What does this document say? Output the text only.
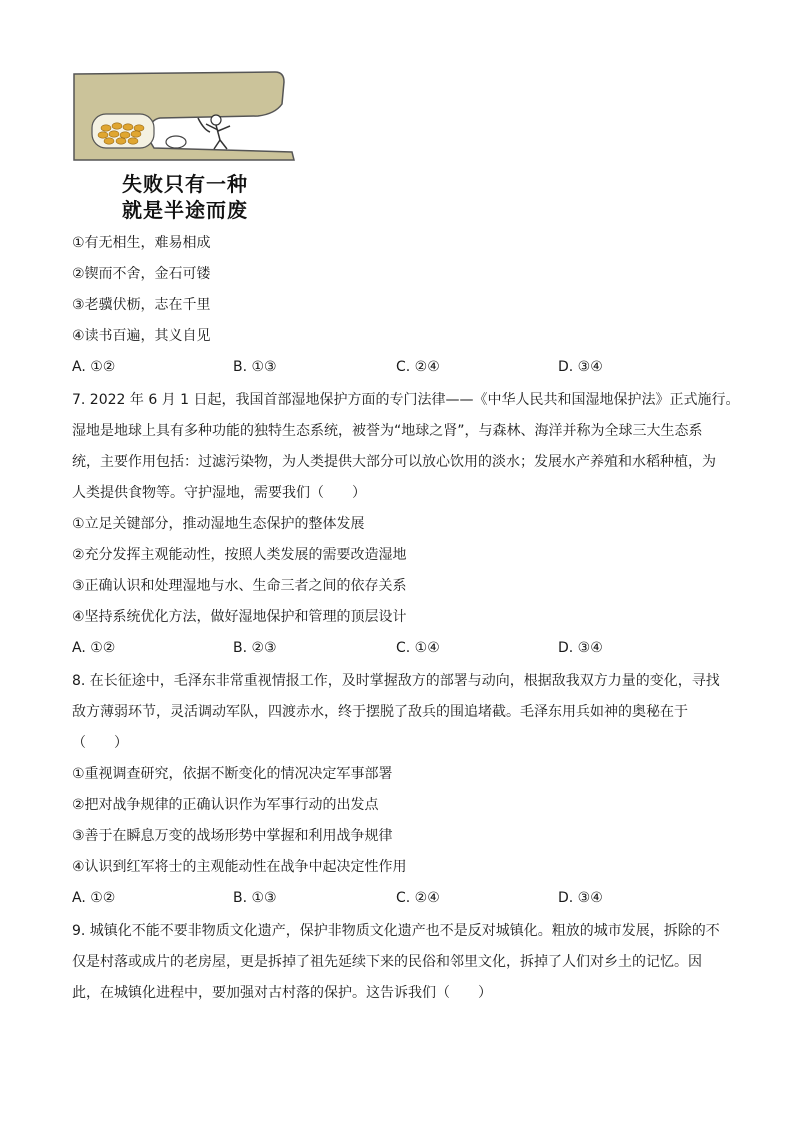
失败只有一种
就是半途而废
①有无相生，难易相成
②锲而不舍，金石可镂
③老骥伏枥，志在千里
④读书百遍，其义自见
A. ①②	B. ①③	C. ②④	D. ③④
7. 2022 年 6 月 1 日起，我国首部湿地保护方面的专门法律——《中华人民共和国湿地保护法》正式施行。
湿地是地球上具有多种功能的独特生态系统，被誉为“地球之肾”，与森林、海洋并称为全球三大生态系
统，主要作用包括：过滤污染物，为人类提供大部分可以放心饮用的淡水；发展水产养殖和水稻种植，为
人类提供食物等。守护湿地，需要我们（　　）
①立足关键部分，推动湿地生态保护的整体发展
②充分发挥主观能动性，按照人类发展的需要改造湿地
③正确认识和处理湿地与水、生命三者之间的依存关系
④坚持系统优化方法，做好湿地保护和管理的顶层设计
A. ①②	B. ②③	C. ①④	D. ③④
8. 在长征途中，毛泽东非常重视情报工作，及时掌握敌方的部署与动向，根据敌我双方力量的变化，寻找
敌方薄弱环节，灵活调动军队，四渡赤水，终于摆脱了敌兵的围追堵截。毛泽东用兵如神的奥秘在于
（　　）
①重视调查研究，依据不断变化的情况决定军事部署
②把对战争规律的正确认识作为军事行动的出发点
③善于在瞬息万变的战场形势中掌握和利用战争规律
④认识到红军将士的主观能动性在战争中起决定性作用
A. ①②	B. ①③	C. ②④	D. ③④
9. 城镇化不能不要非物质文化遗产，保护非物质文化遗产也不是反对城镇化。粗放的城市发展，拆除的不
仅是村落或成片的老房屋，更是拆掉了祖先延续下来的民俗和邻里文化，拆掉了人们对乡土的记忆。因
此，在城镇化进程中，要加强对古村落的保护。这告诉我们（　　）
